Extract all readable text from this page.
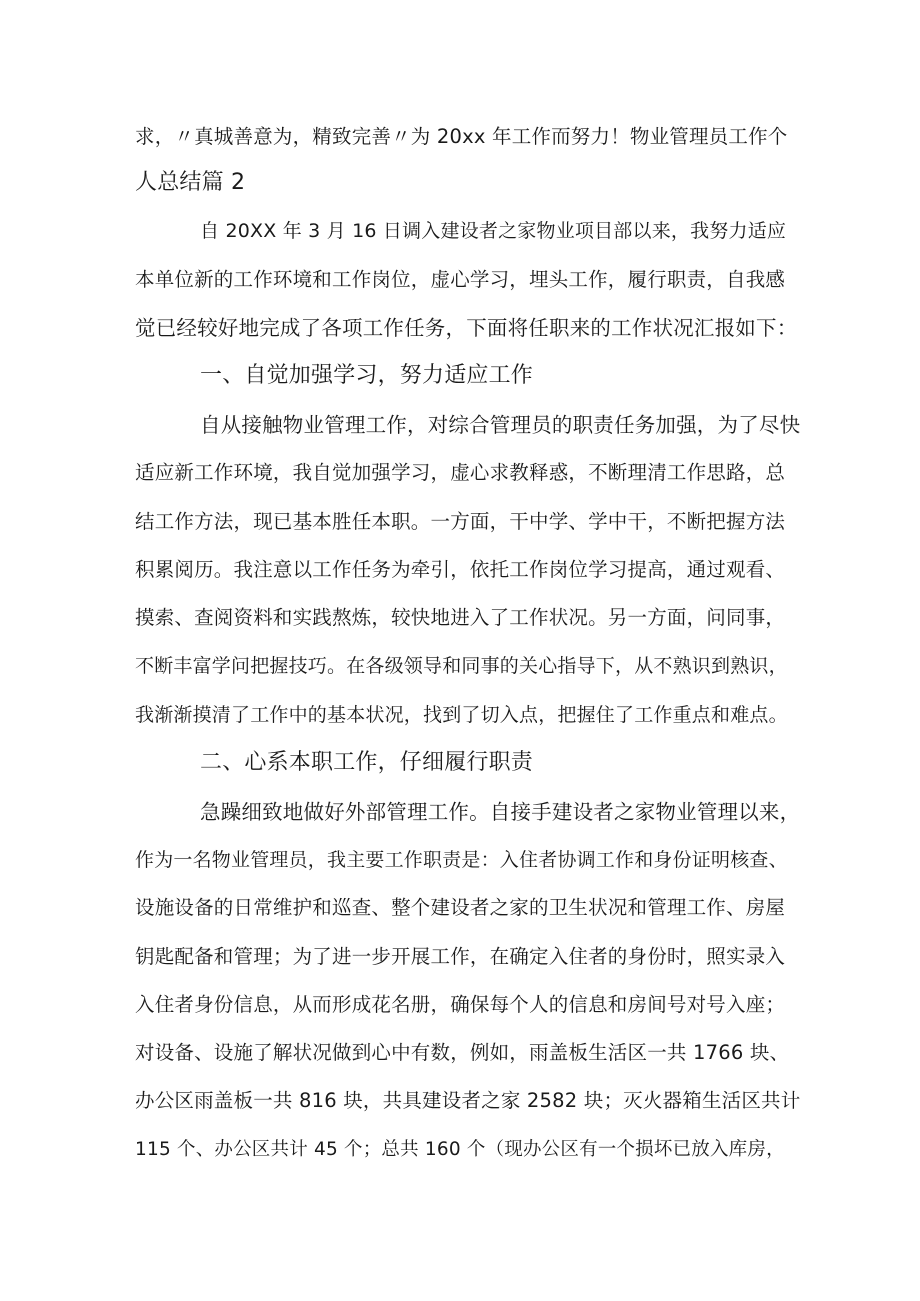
求，〃真城善意为，精致完善〃为 20xx 年工作而努力！物业管理员工作个
人总结篇 2
自 20XX 年 3 月 16 日调入建设者之家物业项目部以来，我努力适应
本单位新的工作环境和工作岗位，虚心学习，埋头工作，履行职责，自我感
觉已经较好地完成了各项工作任务，下面将任职来的工作状况汇报如下：
一、自觉加强学习，努力适应工作
自从接触物业管理工作，对综合管理员的职责任务加强，为了尽快
适应新工作环境，我自觉加强学习，虚心求教释惑，不断理清工作思路，总
结工作方法，现已基本胜任本职。一方面，干中学、学中干，不断把握方法
积累阅历。我注意以工作任务为牵引，依托工作岗位学习提高，通过观看、
摸索、查阅资料和实践熬炼，较快地进入了工作状况。另一方面，问同事，
不断丰富学问把握技巧。在各级领导和同事的关心指导下，从不熟识到熟识，
我渐渐摸清了工作中的基本状况，找到了切入点，把握住了工作重点和难点。
二、心系本职工作，仔细履行职责
急躁细致地做好外部管理工作。自接手建设者之家物业管理以来，
作为一名物业管理员，我主要工作职责是：入住者协调工作和身份证明核查、
设施设备的日常维护和巡查、整个建设者之家的卫生状况和管理工作、房屋
钥匙配备和管理；为了进一步开展工作，在确定入住者的身份时，照实录入
入住者身份信息，从而形成花名册，确保每个人的信息和房间号对号入座；
对设备、设施了解状况做到心中有数，例如，雨盖板生活区一共 1766 块、
办公区雨盖板一共 816 块，共具建设者之家 2582 块；灭火器箱生活区共计
115 个、办公区共计 45 个；总共 160 个（现办公区有一个损坏已放入库房，
